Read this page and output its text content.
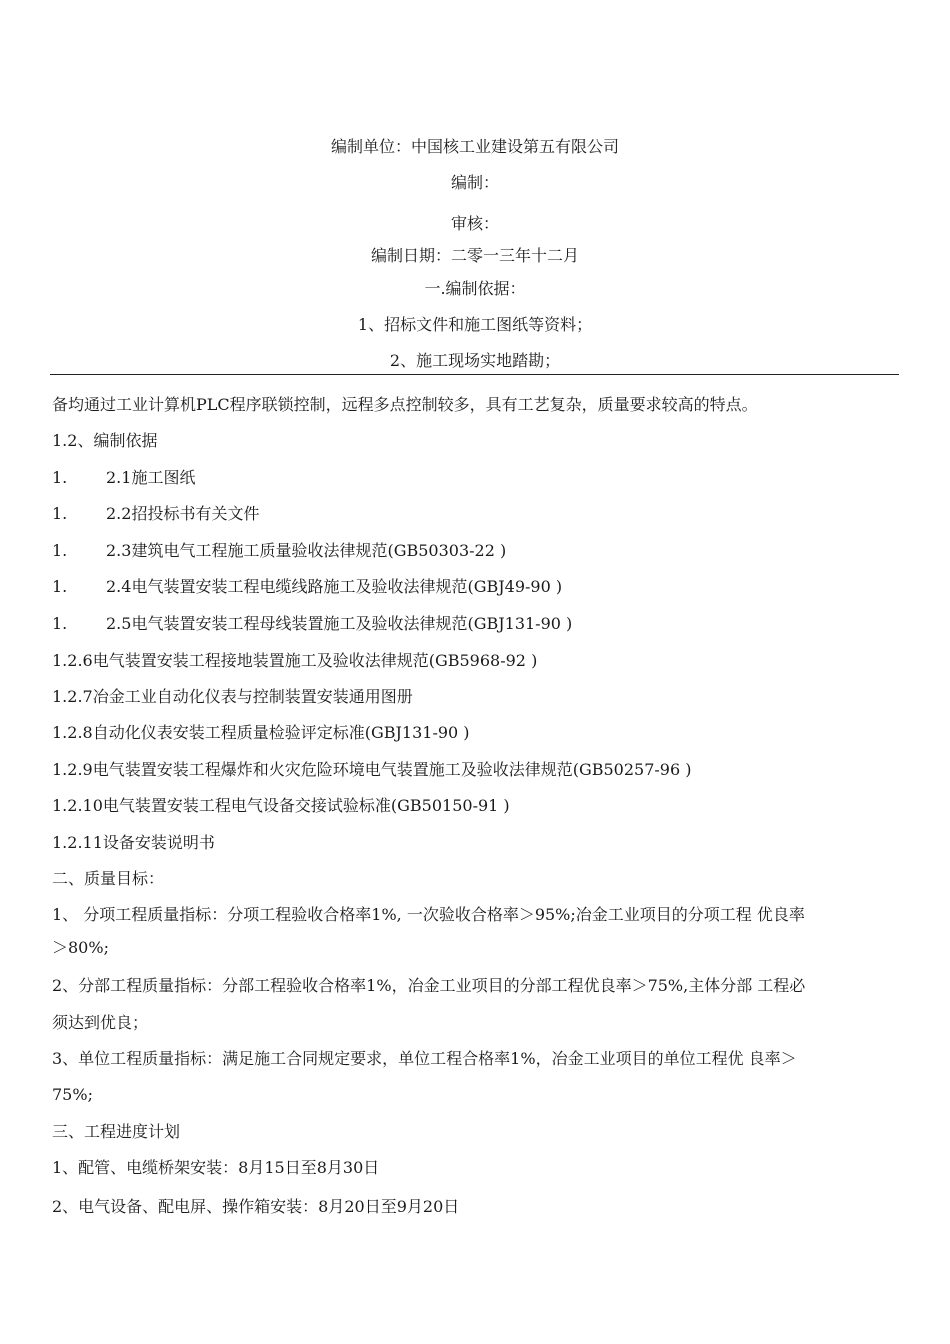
编制单位：中国核工业建设第五有限公司
编制：
审核：
编制日期：二零一三年十二月
一.编制依据：
1、招标文件和施工图纸等资料；
2、施工现场实地踏勘；
备均通过工业计算机PLC程序联锁控制，远程多点控制较多，具有工艺复杂，质量要求较高的特点。
1.2、编制依据
1. 2.1施工图纸
1. 2.2招投标书有关文件
1. 2.3建筑电气工程施工质量验收法律规范(GB50303-22 )
1. 2.4电气装置安装工程电缆线路施工及验收法律规范(GBJ49-90 )
1. 2.5电气装置安装工程母线装置施工及验收法律规范(GBJ131-90 )
1.2.6电气装置安装工程接地装置施工及验收法律规范(GB5968-92 )
1.2.7冶金工业自动化仪表与控制装置安装通用图册
1.2.8自动化仪表安装工程质量检验评定标准(GBJ131-90 )
1.2.9电气装置安装工程爆炸和火灾危险环境电气装置施工及验收法律规范(GB50257-96 )
1.2.10电气装置安装工程电气设备交接试验标准(GB50150-91 )
1.2.11设备安装说明书
二、质量目标：
1、 分项工程质量指标：分项工程验收合格率1%, 一次验收合格率＞95%;冶金工业项目的分项工程 优良率
＞80%;
2、分部工程质量指标：分部工程验收合格率1%，冶金工业项目的分部工程优良率＞75%,主体分部 工程必
须达到优良；
3、单位工程质量指标：满足施工合同规定要求，单位工程合格率1%，冶金工业项目的单位工程优 良率＞
75%;
三、工程进度计划
1、配管、电缆桥架安装：8月15日至8月30日
2、电气设备、配电屏、操作箱安装：8月20日至9月20日
